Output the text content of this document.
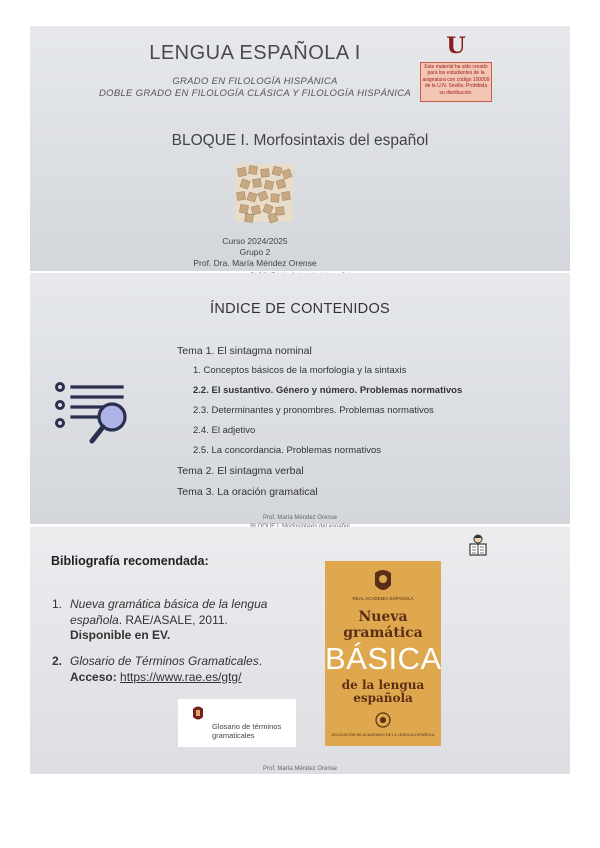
LENGUA ESPAÑOLA I
GRADO EN FILOLOGÍA HISPÁNICA
DOBLE GRADO EN FILOLOGÍA CLÁSICA Y FILOLOGÍA HISPÁNICA
U
Este material ha sido creado para los estudiantes de la asignatura con código 100009 de la U.N. Sevilla. Prohibida su distribución.
BLOQUE I. Morfosintaxis del español
Curso 2024/2025
Grupo 2
Prof. Dra. María Méndez Orense
ÍNDICE DE CONTENIDOS
Tema 1. El sintagma nominal
1. Conceptos básicos de la morfología y la sintaxis
2.2. El sustantivo. Género y número. Problemas normativos
2.3. Determinantes y pronombres. Problemas normativos
2.4. El adjetivo
2.5. La concordancia. Problemas normativos
Tema 2. El sintagma verbal
Tema 3. La oración gramatical
Prof. María Méndez Orense
Bibliografía recomendada:
1. Nueva gramática básica de la lengua española. RAE/ASALE, 2011. Disponible en EV.
2. Glosario de Términos Gramaticales. Acceso: https://www.rae.es/gtg/
Glosario de términos
gramaticales
REAL ACADEMIA ESPAÑOLA
Nueva
gramática
BÁSICA
de la lengua
española
ASOCIACIÓN DE ACADEMIAS DE LA LENGUA ESPAÑOLA
Prof. María Méndez Orense
